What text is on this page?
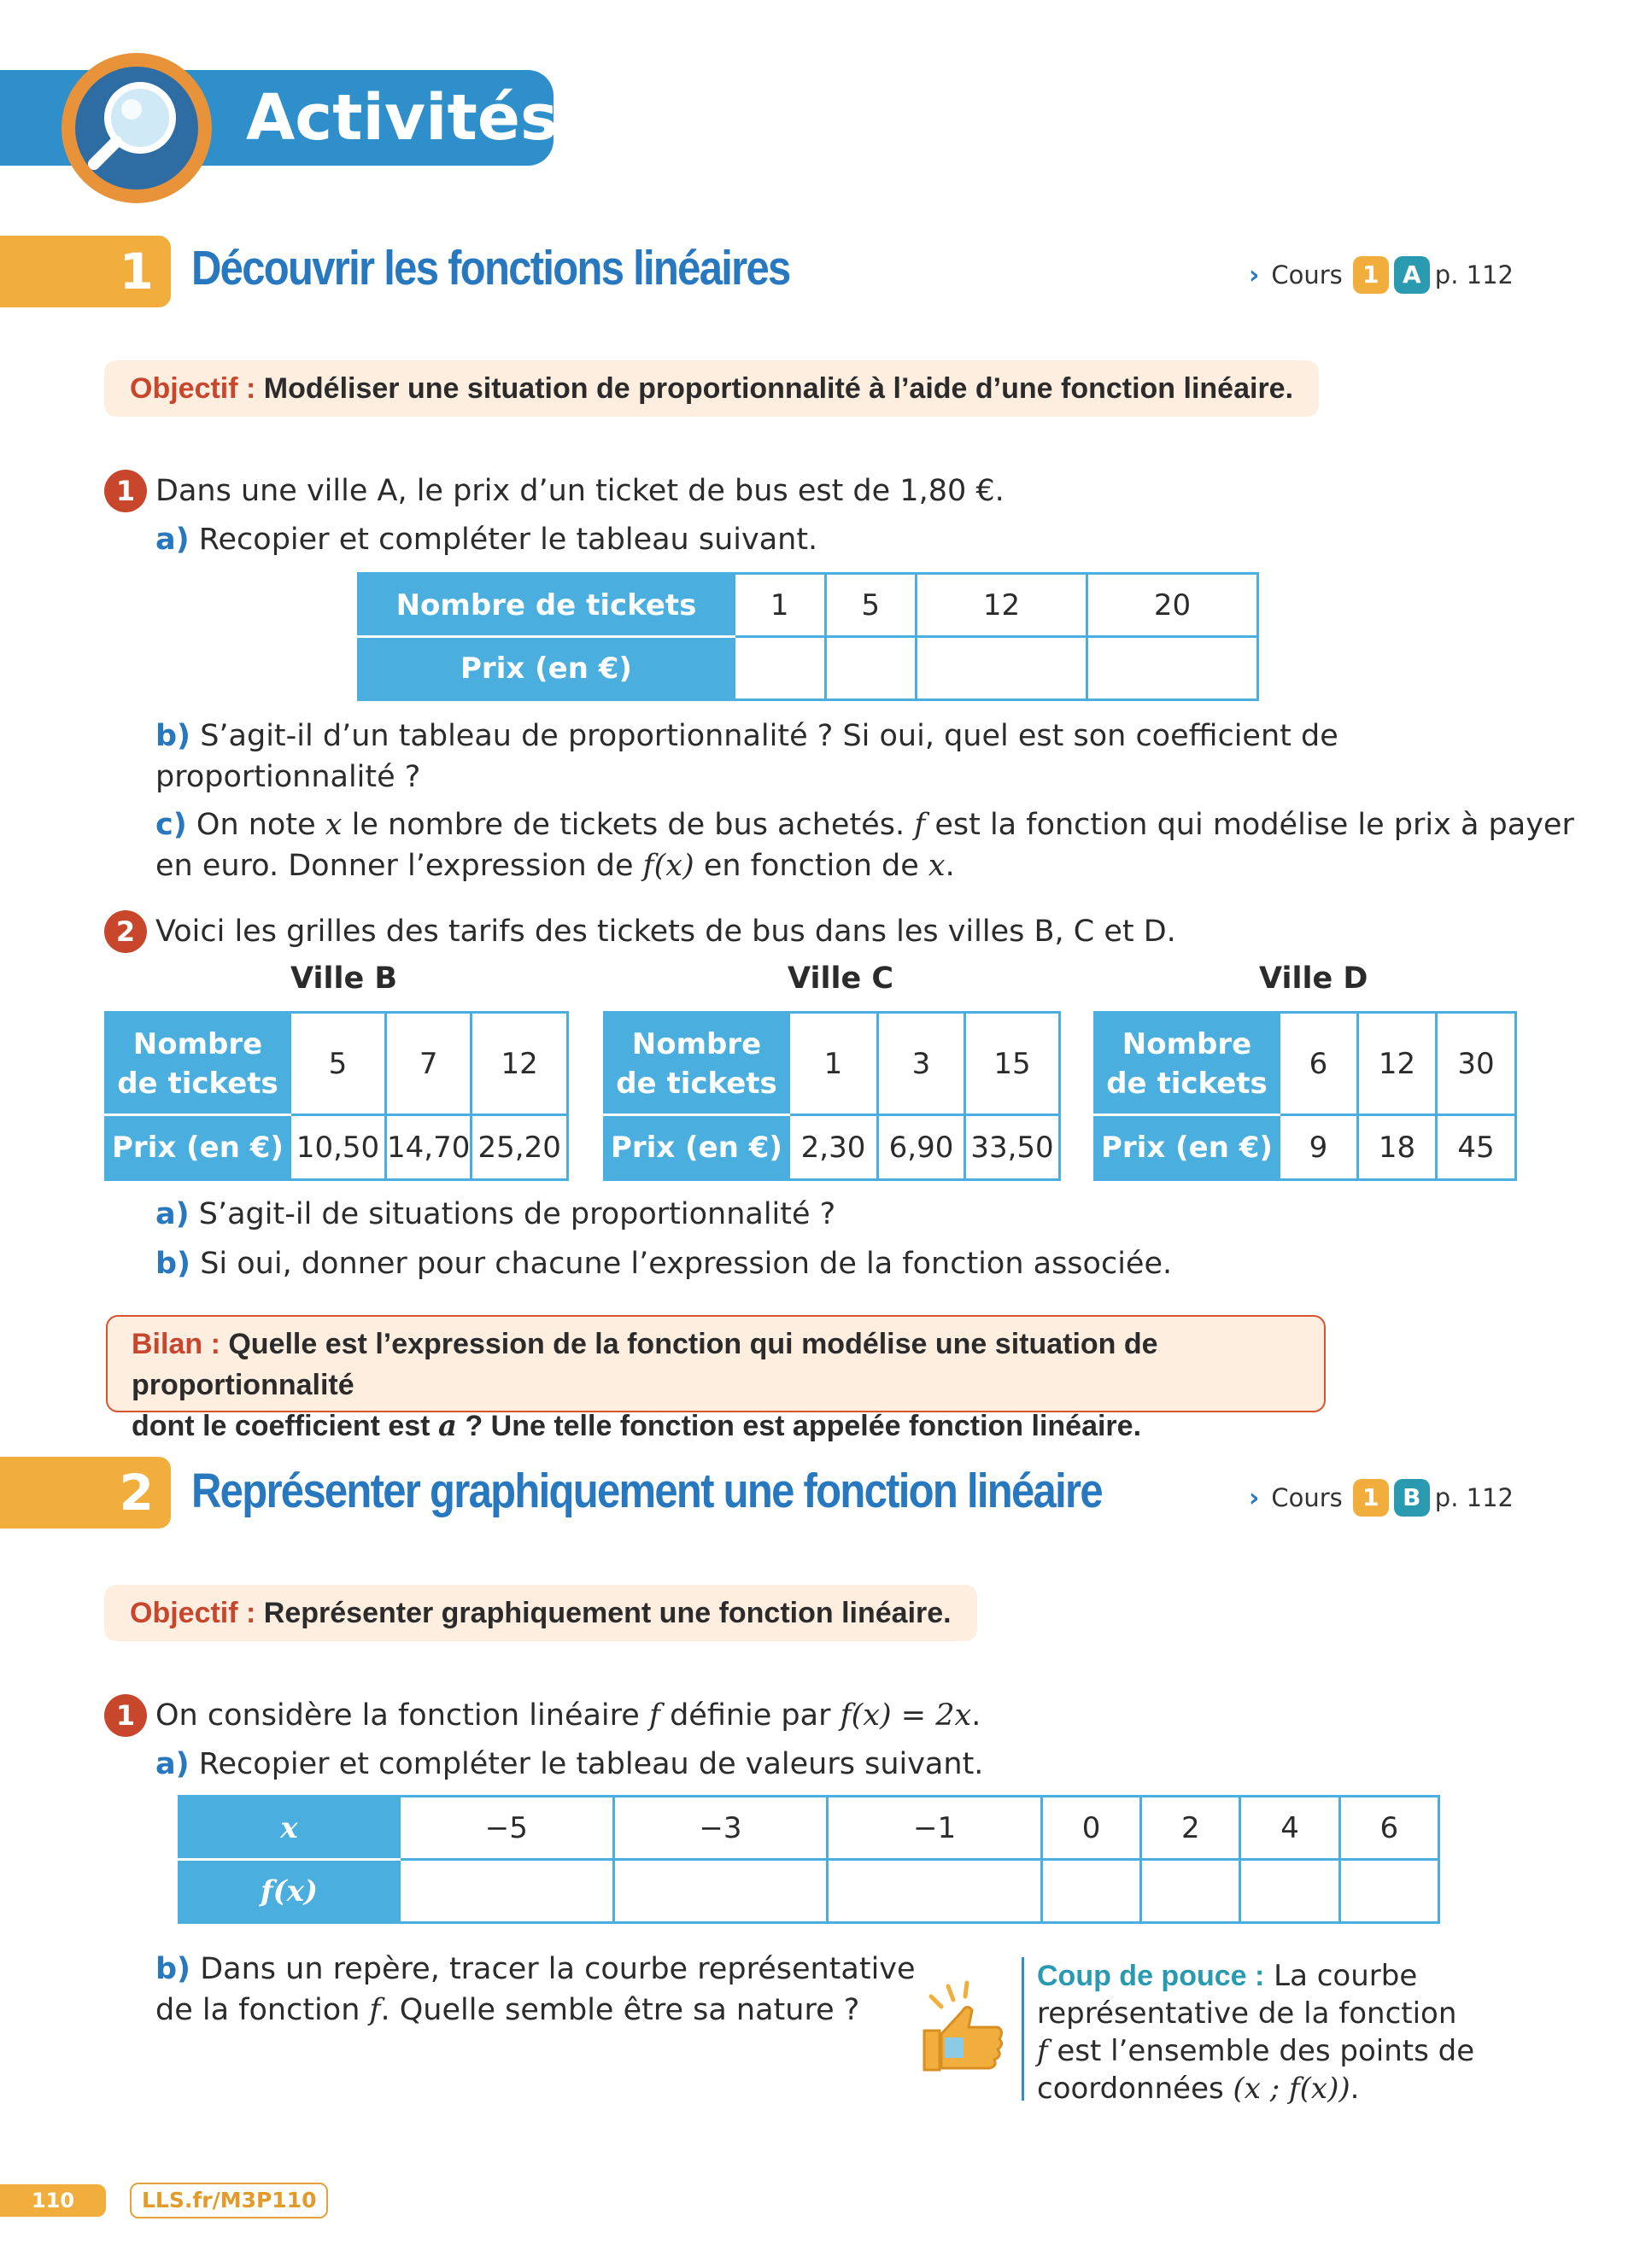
Activités
1 Découvrir les fonctions linéaires	› Cours 1 A p. 112
Objectif : Modéliser une situation de proportionnalité à l’aide d’une fonction linéaire.
1 Dans une ville A, le prix d’un ticket de bus est de 1,80 €.
a) Recopier et compléter le tableau suivant.
Nombre de tickets	1	5	12	20
Prix (en €)				
b) S’agit-il d’un tableau de proportionnalité ? Si oui, quel est son coefficient de
proportionnalité ?
c) On note x le nombre de tickets de bus achetés. f est la fonction qui modélise le prix à payer
en euro. Donner l’expression de f(x) en fonction de x.
2 Voici les grilles des tarifs des tickets de bus dans les villes B, C et D.
Ville B	Ville C	Ville D
Nombre
de tickets	5	7	12
Prix (en €)	10,50	14,70	25,20
Nombre
de tickets	1	3	15
Prix (en €)	2,30	6,90	33,50
Nombre
de tickets	6	12	30
Prix (en €)	9	18	45
a) S’agit-il de situations de proportionnalité ?
b) Si oui, donner pour chacune l’expression de la fonction associée.
Bilan : Quelle est l’expression de la fonction qui modélise une situation de proportionnalité
dont le coefficient est a ? Une telle fonction est appelée fonction linéaire.
2 Représenter graphiquement une fonction linéaire	› Cours 1 B p. 112
Objectif : Représenter graphiquement une fonction linéaire.
1 On considère la fonction linéaire f définie par f(x) = 2x.
a) Recopier et compléter le tableau de valeurs suivant.
x	−5	−3	−1	0	2	4	6
f(x)							
b) Dans un repère, tracer la courbe représentative
de la fonction f. Quelle semble être sa nature ?
Coup de pouce : La courbe
représentative de la fonction
f est l’ensemble des points de
coordonnées (x ; f(x)).
110	LLS.fr/M3P110
